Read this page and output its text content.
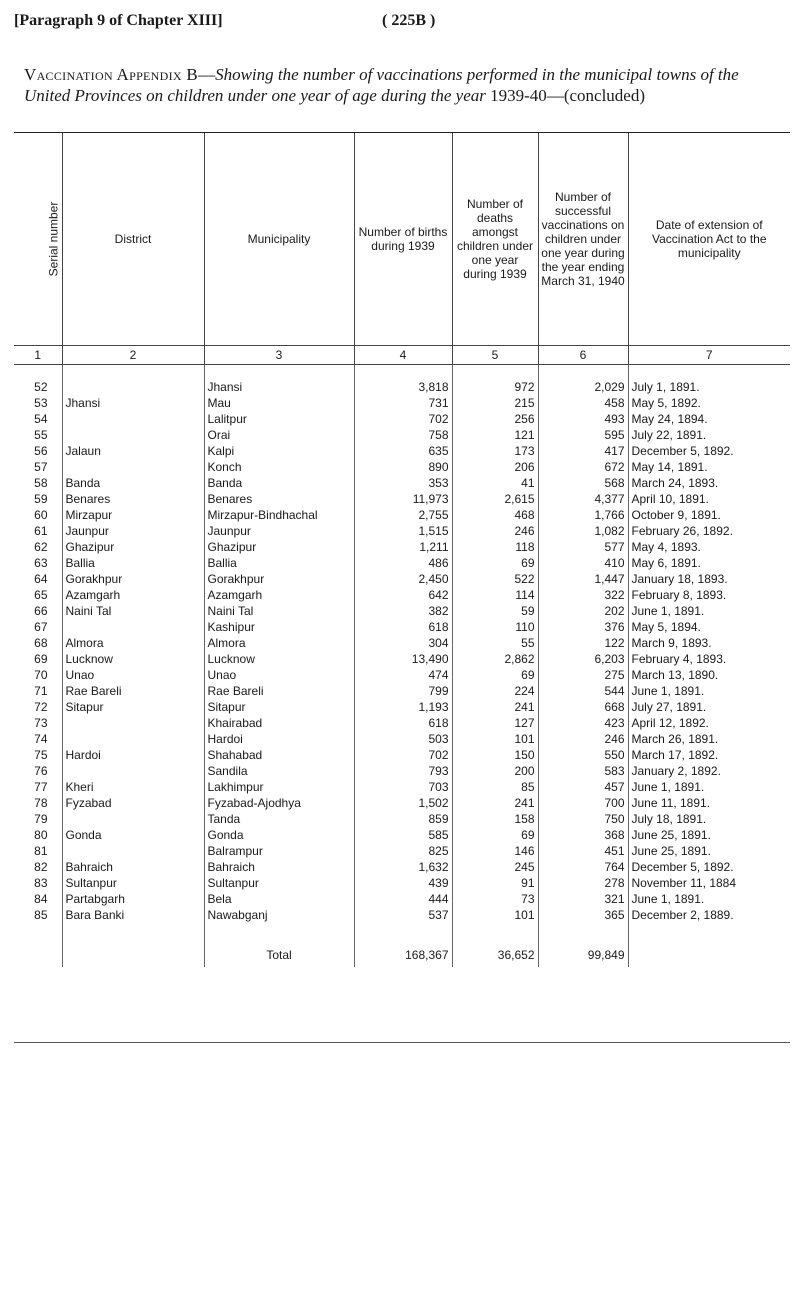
[Paragraph 9 of Chapter XIII]	( 225B )
Vaccination Appendix B—Showing the number of vaccinations performed in the municipal towns of the United Provinces on children under one year of age during the year 1939-40—(concluded)
Serial number	District	Municipality	Number of births during 1939	Number of deaths amongst children under one year during 1939	Number of successful vaccinations on children under one year during the year ending March 31, 1940	Date of extension of Vaccination Act to the municipality
1	2	3	4	5	6	7

52		Jhansi	3,818	972	2,029	July 1, 1891.
53	Jhansi	Mau	731	215	458	May 5, 1892.
54		Lalitpur	702	256	493	May 24, 1894.
55		Orai	758	121	595	July 22, 1891.
56	Jalaun	Kalpi	635	173	417	December 5, 1892.
57		Konch	890	206	672	May 14, 1891.
58	Banda	Banda	353	41	568	March 24, 1893.
59	Benares	Benares	11,973	2,615	4,377	April 10, 1891.
60	Mirzapur	Mirzapur-Bindhachal	2,755	468	1,766	October 9, 1891.
61	Jaunpur	Jaunpur	1,515	246	1,082	February 26, 1892.
62	Ghazipur	Ghazipur	1,211	118	577	May 4, 1893.
63	Ballia	Ballia	486	69	410	May 6, 1891.
64	Gorakhpur	Gorakhpur	2,450	522	1,447	January 18, 1893.
65	Azamgarh	Azamgarh	642	114	322	February 8, 1893.
66	Naini Tal	Naini Tal	382	59	202	June 1, 1891.
67		Kashipur	618	110	376	May 5, 1894.
68	Almora	Almora	304	55	122	March 9, 1893.
69	Lucknow	Lucknow	13,490	2,862	6,203	February 4, 1893.
70	Unao	Unao	474	69	275	March 13, 1890.
71	Rae Bareli	Rae Bareli	799	224	544	June 1, 1891.
72	Sitapur	Sitapur	1,193	241	668	July 27, 1891.
73		Khairabad	618	127	423	April 12, 1892.
74		Hardoi	503	101	246	March 26, 1891.
75	Hardoi	Shahabad	702	150	550	March 17, 1892.
76		Sandila	793	200	583	January 2, 1892.
77	Kheri	Lakhimpur	703	85	457	June 1, 1891.
78	Fyzabad	Fyzabad-Ajodhya	1,502	241	700	June 11, 1891.
79		Tanda	859	158	750	July 18, 1891.
80	Gonda	Gonda	585	69	368	June 25, 1891.
81		Balrampur	825	146	451	June 25, 1891.
82	Bahraich	Bahraich	1,632	245	764	December 5, 1892.
83	Sultanpur	Sultanpur	439	91	278	November 11, 1884
84	Partabgarh	Bela	444	73	321	June 1, 1891.
85	Bara Banki	Nawabganj	537	101	365	December 2, 1889.
		Total	168,367	36,652	99,849	
